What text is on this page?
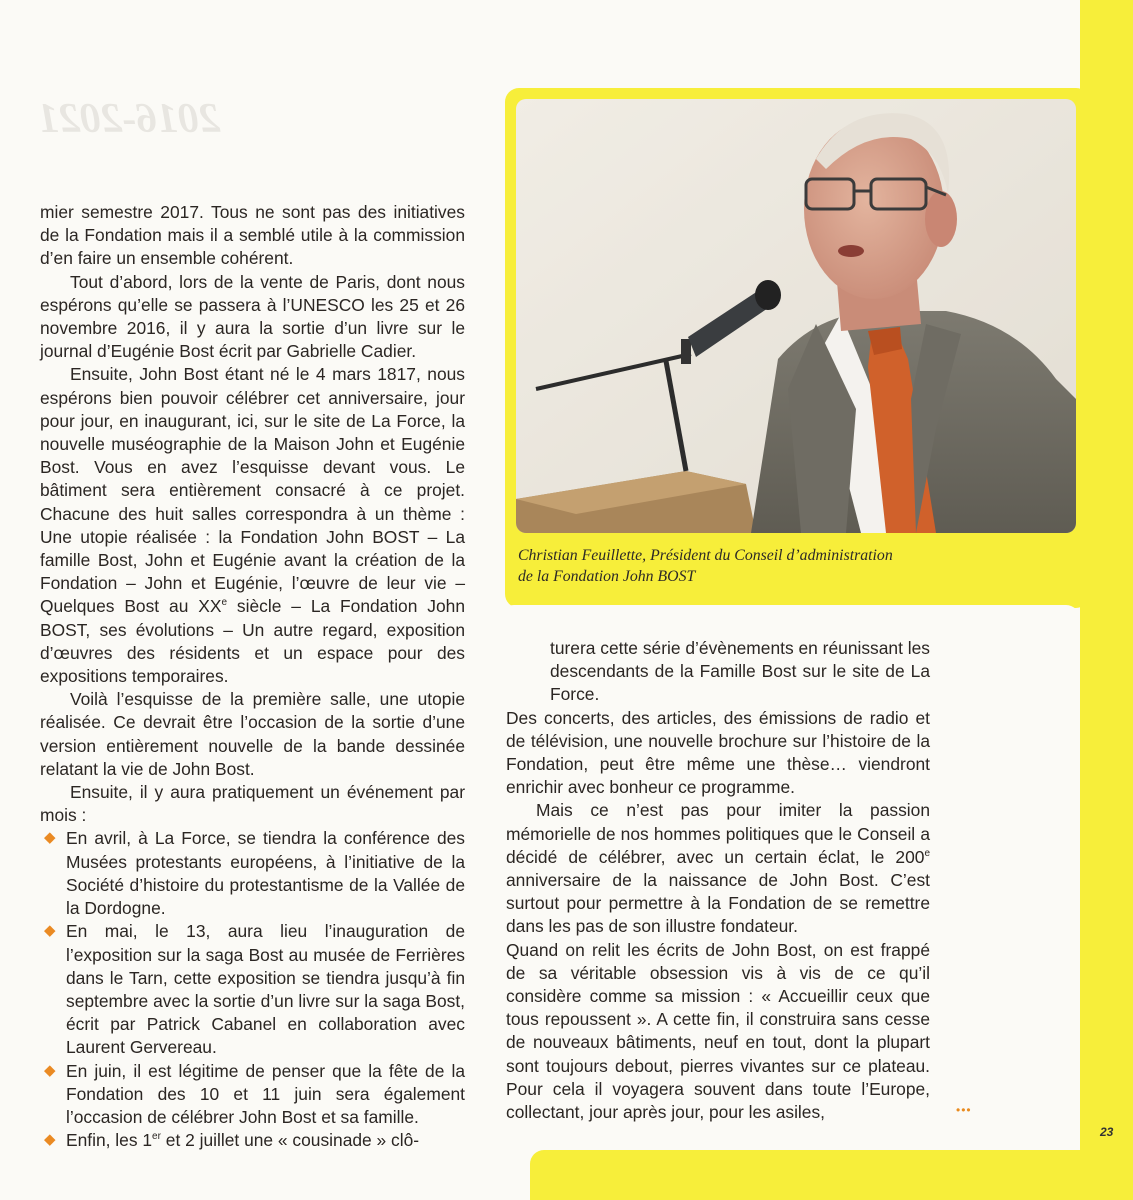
2016-2021
Christian Feuillette, Président du Conseil d’administration
de la Fondation John BOST

mier semestre 2017. Tous ne sont pas des initiatives de la Fondation mais il a semblé utile à la commission d’en faire un ensemble cohérent.

Tout d’abord, lors de la vente de Paris, dont nous espérons qu’elle se passera à l’UNESCO les 25 et 26 novembre 2016, il y aura la sortie d’un livre sur le journal d’Eugénie Bost écrit par Gabrielle Cadier.

Ensuite, John Bost étant né le 4 mars 1817, nous espérons bien pouvoir célébrer cet anniversaire, jour pour jour, en inaugurant, ici, sur le site de La Force, la nouvelle muséographie de la Maison John et Eugénie Bost. Vous en avez l’esquisse devant vous. Le bâtiment sera entièrement consacré à ce projet. Chacune des huit salles correspondra à un thème : Une utopie réalisée : la Fondation John BOST – La famille Bost, John et Eugénie avant la création de la Fondation – John et Eugénie, l’œuvre de leur vie – Quelques Bost au XXe siècle – La Fondation John BOST, ses évolutions – Un autre regard, exposition d’œuvres des résidents et un espace pour des expositions temporaires.

Voilà l’esquisse de la première salle, une utopie réalisée. Ce devrait être l’occasion de la sortie d’une version entièrement nouvelle de la bande dessinée relatant la vie de John Bost.

Ensuite, il y aura pratiquement un événement par mois :

◆ En avril, à La Force, se tiendra la conférence des Musées protestants européens, à l’initiative de la Société d’histoire du protestantisme de la Vallée de la Dordogne.

◆ En mai, le 13, aura lieu l’inauguration de l’exposition sur la saga Bost au musée de Ferrières dans le Tarn, cette exposition se tiendra jusqu’à fin septembre avec la sortie d’un livre sur la saga Bost, écrit par Patrick Cabanel en collaboration avec Laurent Gervereau.

◆ En juin, il est légitime de penser que la fête de la Fondation des 10 et 11 juin sera également l’occasion de célébrer John Bost et sa famille.

◆ Enfin, les 1er et 2 juillet une « cousinade » clô-

turera cette série d’évènements en réunissant les descendants de la Famille Bost sur le site de La Force.

Des concerts, des articles, des émissions de radio et de télévision, une nouvelle brochure sur l’histoire de la Fondation, peut être même une thèse… viendront enrichir avec bonheur ce programme.

Mais ce n’est pas pour imiter la passion mémorielle de nos hommes politiques que le Conseil a décidé de célébrer, avec un certain éclat, le 200e anniversaire de la naissance de John Bost. C’est surtout pour permettre à la Fondation de se remettre dans les pas de son illustre fondateur.

Quand on relit les écrits de John Bost, on est frappé de sa véritable obsession vis à vis de ce qu’il considère comme sa mission : « Accueillir ceux que tous repoussent ». A cette fin, il construira sans cesse de nouveaux bâtiments, neuf en tout, dont la plupart sont toujours debout, pierres vivantes sur ce plateau. Pour cela il voyagera souvent dans toute l’Europe, collectant, jour après jour, pour les asiles,	•••
23
